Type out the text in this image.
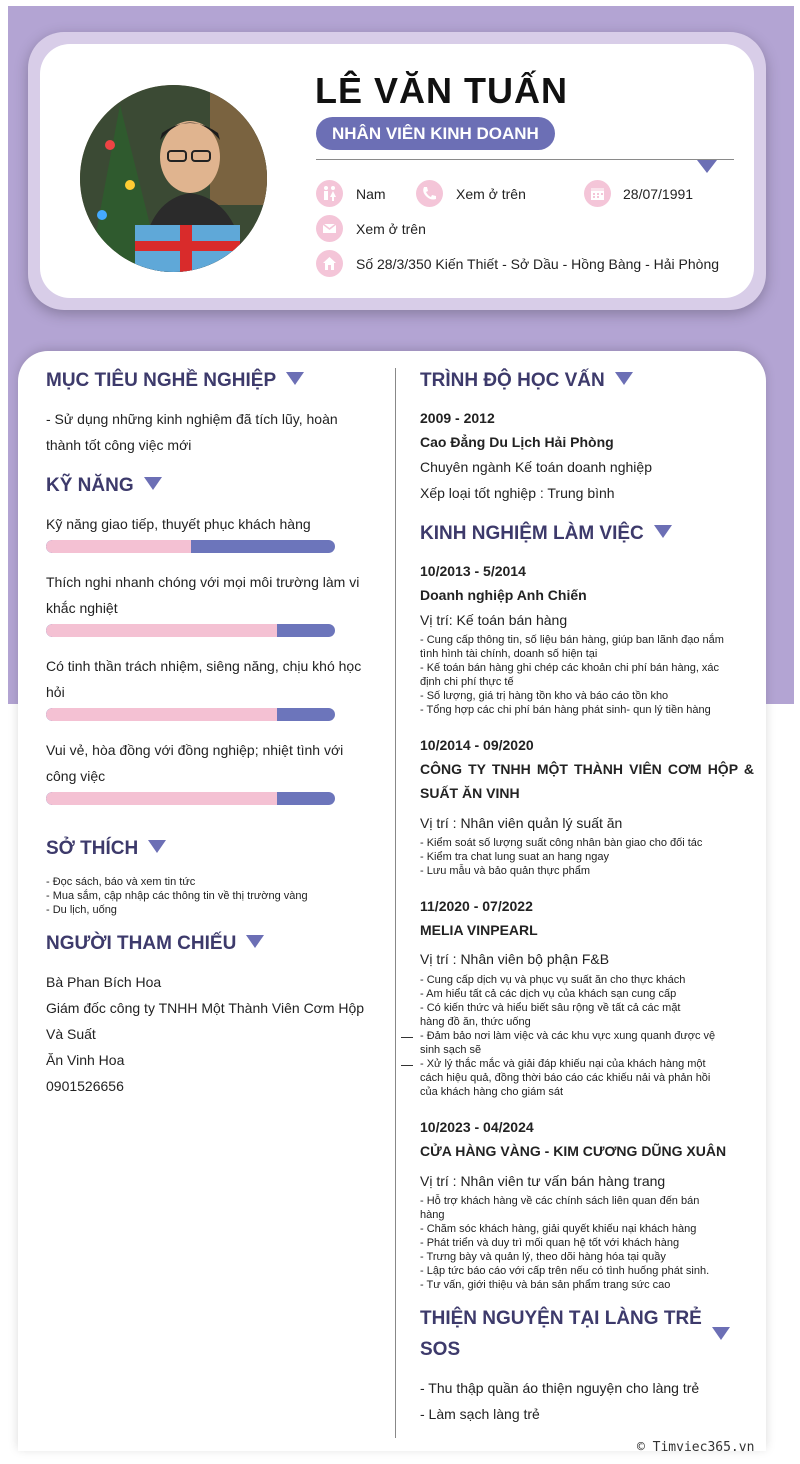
LÊ VĂN TUẤN
NHÂN VIÊN KINH DOANH
Nam	Xem ở trên	28/07/1991
Xem ở trên
Số 28/3/350 Kiến Thiết - Sở Dầu - Hồng Bàng - Hải Phòng
MỤC TIÊU NGHỀ NGHIỆP
- Sử dụng những kinh nghiệm đã tích lũy, hoàn
thành tốt công việc mới
KỸ NĂNG
Kỹ năng giao tiếp, thuyết phục khách hàng
Thích nghi nhanh chóng với mọi môi trường làm vi
khắc nghiệt
Có tinh thần trách nhiệm, siêng năng, chịu khó học
hỏi
Vui vẻ, hòa đồng với đồng nghiệp; nhiệt tình với
công việc
SỞ THÍCH
- Đọc sách, báo và xem tin tức
- Mua sắm, cập nhập các thông tin về thị trường vàng
- Du lịch, uống
NGƯỜI THAM CHIẾU
Bà Phan Bích Hoa
Giám đốc công ty TNHH Một Thành Viên Cơm Hộp
Và Suất
Ăn Vinh Hoa
0901526656
TRÌNH ĐỘ HỌC VẤN
2009 - 2012
Cao Đẳng Du Lịch Hải Phòng
Chuyên ngành Kế toán doanh nghiệp
Xếp loại tốt nghiệp : Trung bình
KINH NGHIỆM LÀM VIỆC
10/2013 - 5/2014
Doanh nghiệp Anh Chiến
Vị trí: Kế toán bán hàng
- Cung cấp thông tin, số liệu bán hàng, giúp ban lãnh đạo nắm
tình hình tài chính, doanh số hiện tại
- Kế toán bán hàng ghi chép các khoản chi phí bán hàng, xác
định chi phí thực tế
- Số lượng, giá trị hàng tồn kho và báo cáo tồn kho
- Tổng hợp các chi phí bán hàng phát sinh- qun lý tiền hàng
10/2014 - 09/2020
CÔNG TY TNHH MỘT THÀNH VIÊN CƠM HỘP &
SUẤT ĂN VINH
Vị trí : Nhân viên quản lý suất ăn
- Kiểm soát số lượng suất công nhân bàn giao cho đối tác
- Kiểm tra chat lung suat an hang ngay
- Lưu mẫu và bảo quản thực phẩm
11/2020 - 07/2022
MELIA VINPEARL
Vị trí : Nhân viên bộ phận F&B
- Cung cấp dịch vụ và phục vụ suất ăn cho thực khách
- Am hiểu tất cả các dịch vụ của khách sạn cung cấp
- Có kiến thức và hiểu biết sâu rộng về tất cả các mặt
hàng đồ ăn, thức uống
- Đảm bảo nơi làm việc và các khu vực xung quanh được vệ
sinh sạch sẽ
- Xử lý thắc mắc và giải đáp khiếu nại của khách hàng một
cách hiệu quả, đồng thời báo cáo các khiếu nải và phản hồi
của khách hàng cho giám sát
10/2023 - 04/2024
CỬA HÀNG VÀNG - KIM CƯƠNG DŨNG XUÂN
Vị trí : Nhân viên tư vấn bán hàng trang
- Hỗ trợ khách hàng về các chính sách liên quan đến bán
hàng
- Chăm sóc khách hàng, giải quyết khiếu nại khách hàng
- Phát triển và duy trì mối quan hệ tốt với khách hàng
- Trưng bày và quản lý, theo dõi hàng hóa tại quầy
- Lập tức báo cáo với cấp trên nếu có tình huống phát sinh.
- Tư vấn, giới thiệu và bán sản phẩm trang sức cao
THIỆN NGUYỆN TẠI LÀNG TRẺ
SOS
- Thu thập quần áo thiện nguyện cho làng trẻ
- Làm sạch làng trẻ
© Timviec365.vn
